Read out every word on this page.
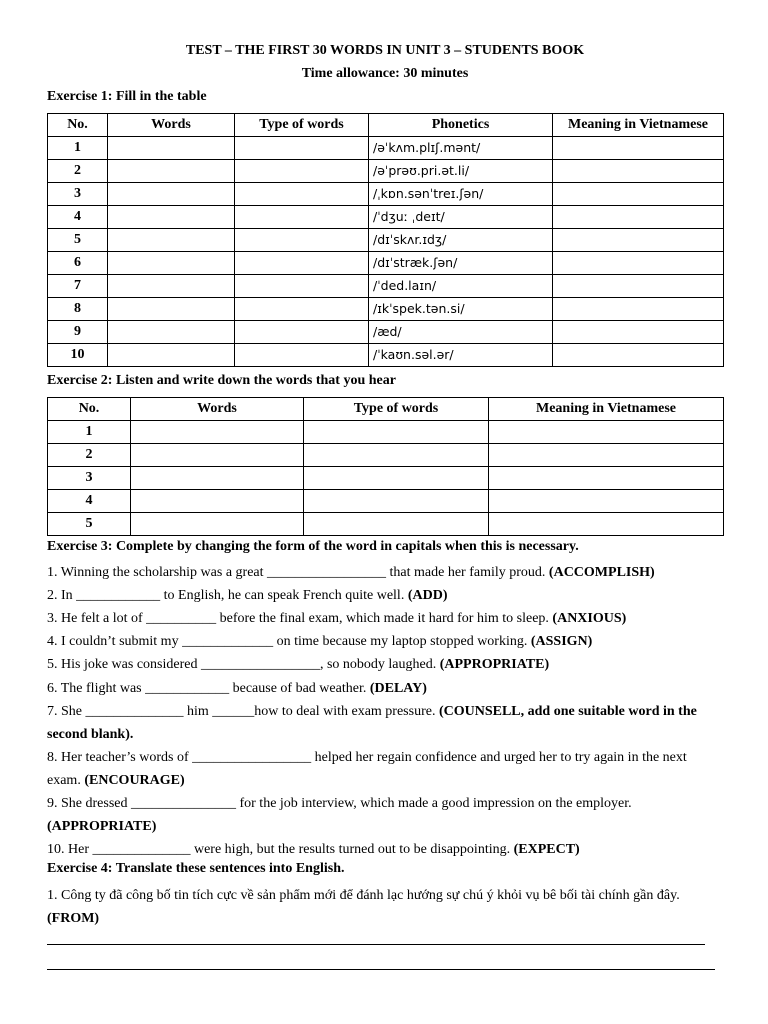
TEST – THE FIRST 30 WORDS IN UNIT 3 – STUDENTS BOOK
Time allowance: 30 minutes
Exercise 1: Fill in the table
No.	Words	Type of words	Phonetics	Meaning in Vietnamese
1			/əˈkʌm.plɪʃ.mənt/	
2			/əˈprəʊ.pri.ət.li/	
3			/ˌkɒn.sənˈtreɪ.ʃən/	
4			/ˈdʒuː ˌdeɪt/	
5			/dɪˈskʌr.ɪdʒ/	
6			/dɪˈstræk.ʃən/	
7			/ˈded.laɪn/	
8			/ɪkˈspek.tən.si/	
9			/æd/	
10			/ˈkaʊn.səl.ər/	
Exercise 2: Listen and write down the words that you hear
No.	Words	Type of words	Meaning in Vietnamese
1			
2			
3			
4			
5			
Exercise 3: Complete by changing the form of the word in capitals when this is necessary.
1. Winning the scholarship was a great _________________ that made her family proud. (ACCOMPLISH)
2. In ____________ to English, he can speak French quite well. (ADD)
3. He felt a lot of __________ before the final exam, which made it hard for him to sleep. (ANXIOUS)
4. I couldn’t submit my _____________ on time because my laptop stopped working. (ASSIGN)
5. His joke was considered _________________, so nobody laughed. (APPROPRIATE)
6. The flight was ____________ because of bad weather. (DELAY)
7. She ______________ him ______how to deal with exam pressure. (COUNSELL, add one suitable word in the
second blank).
8. Her teacher’s words of _________________ helped her regain confidence and urged her to try again in the next
exam. (ENCOURAGE)
9. She dressed _______________ for the job interview, which made a good impression on the employer.
(APPROPRIATE)
10. Her ______________ were high, but the results turned out to be disappointing. (EXPECT)
Exercise 4: Translate these sentences into English.
1. Công ty đã công bố tin tích cực về sản phẩm mới để đánh lạc hướng sự chú ý khỏi vụ bê bối tài chính gần đây.
(FROM)
